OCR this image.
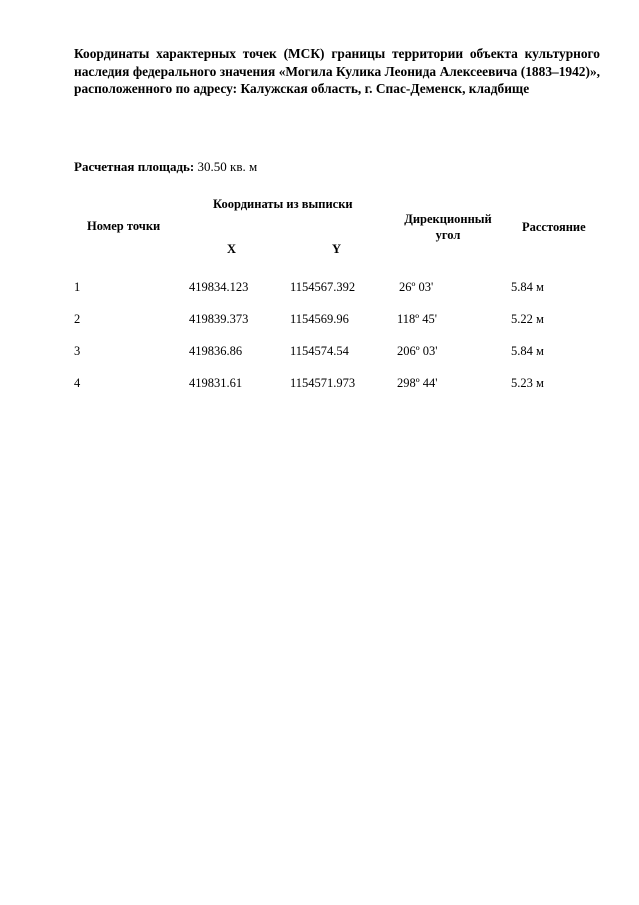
Координаты характерных точек (МСК) границы территории объекта культурного наследия федерального значения «Могила Кулика Леонида Алексеевича (1883–1942)», расположенного по адресу: Калужская область, г. Спас-Деменск, кладбище
Расчетная площадь: 30.50 кв. м
Номер точки
Координаты из выписки
X	Y
Дирекционный
угол
Расстояние
1	419834.123	1154567.392	26º 03'	5.84 м
2	419839.373	1154569.96	118º 45'	5.22 м
3	419836.86	1154574.54	206º 03'	5.84 м
4	419831.61	1154571.973	298º 44'	5.23 м
